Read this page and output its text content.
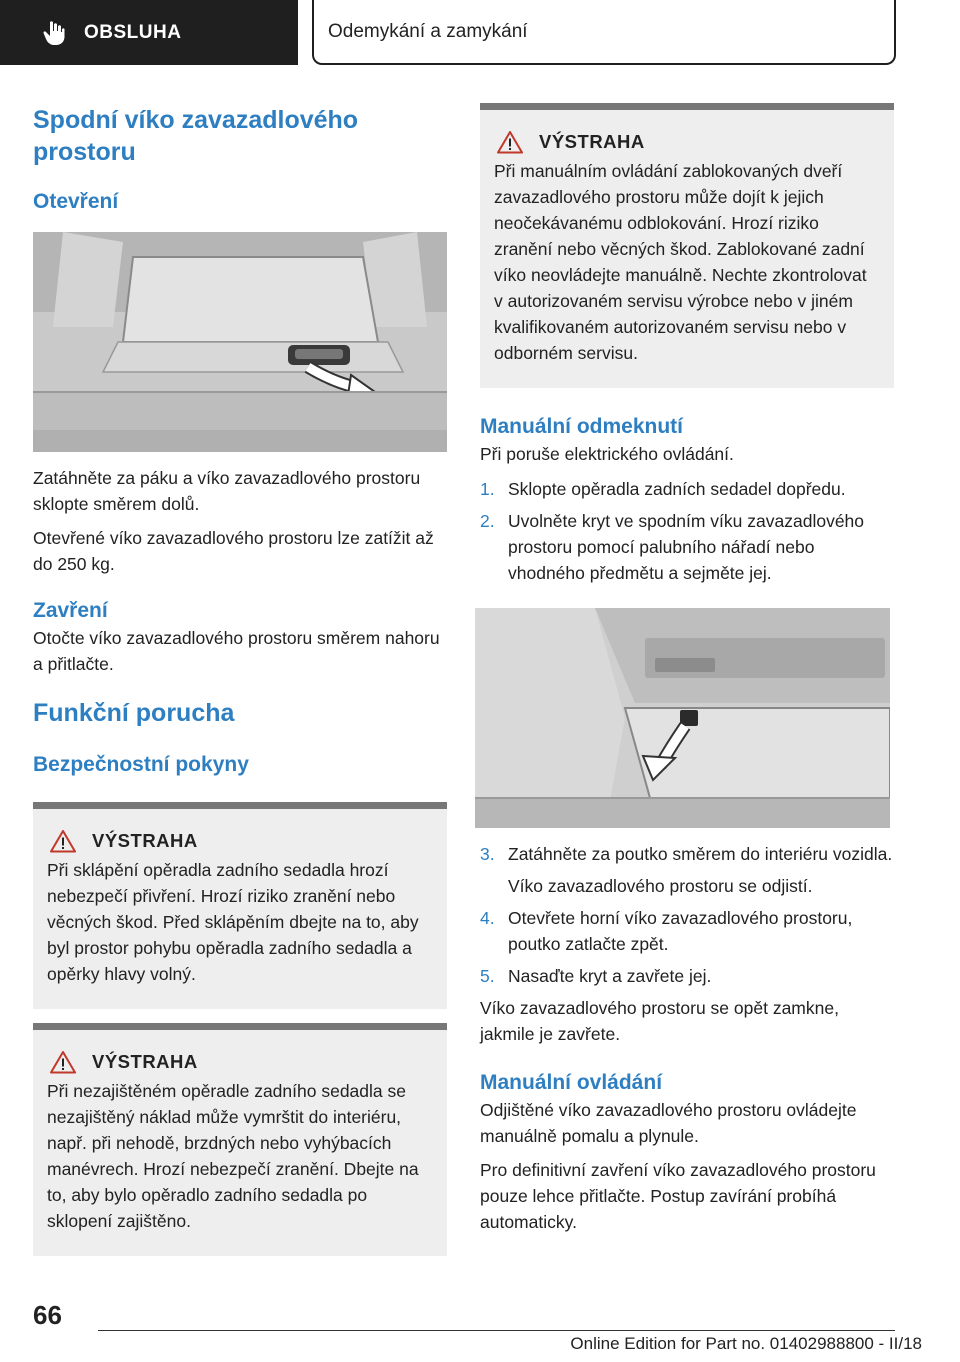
OBSLUHA	Odemykání a zamykání
Spodní víko zavazadlového prostoru
Otevření

Zatáhněte za páku a víko zavazadlového prostoru sklopte směrem dolů.

Otevřené víko zavazadlového prostoru lze zatížit až do 250 kg.

Zavření

Otočte víko zavazadlového prostoru směrem nahoru a přitlačte.

Funkční porucha
Bezpečnostní pokyny
VÝSTRAHA

Při sklápění opěradla zadního sedadla hrozí nebezpečí přivření. Hrozí riziko zranění nebo věcných škod. Před sklápěním dbejte na to, aby byl prostor pohybu opěradla zadního sedadla a opěrky hlavy volný.

VÝSTRAHA

Při nezajištěném opěradle zadního sedadla se nezajištěný náklad může vymrštit do interiéru, např. při nehodě, brzdných nebo vyhýbacích manévrech. Hrozí nebezpečí zranění. Dbejte na to, aby bylo opěradlo zadního sedadla po sklopení zajištěno.

VÝSTRAHA

Při manuálním ovládání zablokovaných dveří zavazadlového prostoru může dojít k jejich neočekávanému odblokování. Hrozí riziko zranění nebo věcných škod. Zablokované zadní víko neovládejte manuálně. Nechte zkontrolovat v autorizovaném servisu výrobce nebo v jiném kvalifikovaném autorizovaném servisu nebo v odborném servisu.

Manuální odmeknutí

Při poruše elektrického ovládání.

1. Sklopte opěradla zadních sedadel dopředu.
2. Uvolněte kryt ve spodním víku zavazadlového prostoru pomocí palubního nářadí nebo vhodného předmětu a sejměte jej.
3. Zatáhněte za poutko směrem do interiéru vozidla.

Víko zavazadlového prostoru se odjistí.

4. Otevřete horní víko zavazadlového prostoru, poutko zatlačte zpět.
5. Nasaďte kryt a zavřete jej.

Víko zavazadlového prostoru se opět zamkne, jakmile je zavřete.

Manuální ovládání

Odjištěné víko zavazadlového prostoru ovládejte manuálně pomalu a plynule.

Pro definitivní zavření víko zavazadlového prostoru pouze lehce přitlačte. Postup zavírání probíhá automaticky.

66
Online Edition for Part no. 01402988800 - II/18
